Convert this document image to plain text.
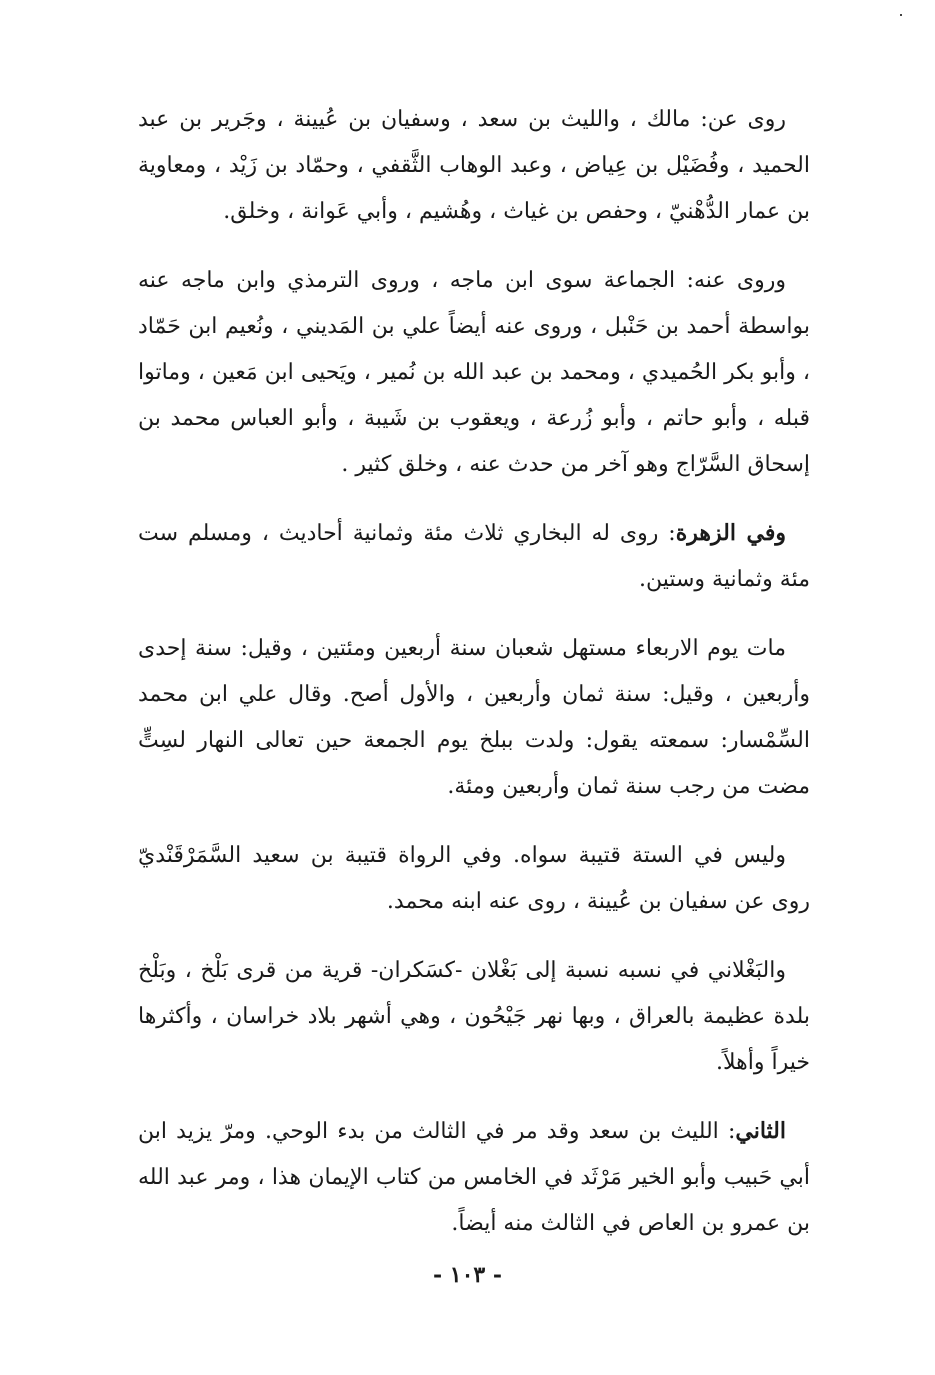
روى عن: مالك ، والليث بن سعد ، وسفيان بن عُيينة ، وجَرير بن عبد الحميد ، وفُضَيْل بن عِياض ، وعبد الوهاب الثَّقفي ، وحمّاد بن زَيْد ، ومعاوية بن عمار الدُّهْنيّ ، وحفص بن غياث ، وهُشيم ، وأبي عَوانة ، وخلق.

وروى عنه: الجماعة سوى ابن ماجه ، وروى الترمذي وابن ماجه عنه بواسطة أحمد بن حَنْبل ، وروى عنه أيضاً علي بن المَديني ، ونُعيم ابن حَمّاد ، وأبو بكر الحُميدي ، ومحمد بن عبد الله بن نُمير ، ويَحيى ابن مَعين ، وماتوا قبله ، وأبو حاتم ، وأبو زُرعة ، ويعقوب بن شَيبة ، وأبو العباس محمد بن إسحاق السَّرّاج وهو آخر من حدث عنه ، وخلق كثير .

وفي الزهرة: روى له البخاري ثلاث مئة وثمانية أحاديث ، ومسلم ست مئة وثمانية وستين.

مات يوم الاربعاء مستهل شعبان سنة أربعين ومئتين ، وقيل: سنة إحدى وأربعين ، وقيل: سنة ثمان وأربعين ، والأول أصح. وقال علي ابن محمد السِّمْسار: سمعته يقول: ولدت ببلخ يوم الجمعة حين تعالى النهار لسِتٍّ مضت من رجب سنة ثمان وأربعين ومئة.

وليس في الستة قتيبة سواه. وفي الرواة قتيبة بن سعيد السَّمَرْقَنْديّ روى عن سفيان بن عُيينة ، روى عنه ابنه محمد.

والبَغْلاني في نسبه نسبة إلى بَغْلان -كسَكران- قرية من قرى بَلْخ ، وبَلْخ بلدة عظيمة بالعراق ، وبها نهر جَيْحُون ، وهي أشهر بلاد خراسان ، وأكثرها خيراً وأهلاً.

الثاني: الليث بن سعد وقد مر في الثالث من بدء الوحي. ومرّ يزيد ابن أبي حَبيب وأبو الخير مَرْثَد في الخامس من كتاب الإيمان هذا ، ومر عبد الله بن عمرو بن العاص في الثالث منه أيضاً.

- ١٠٣ -
